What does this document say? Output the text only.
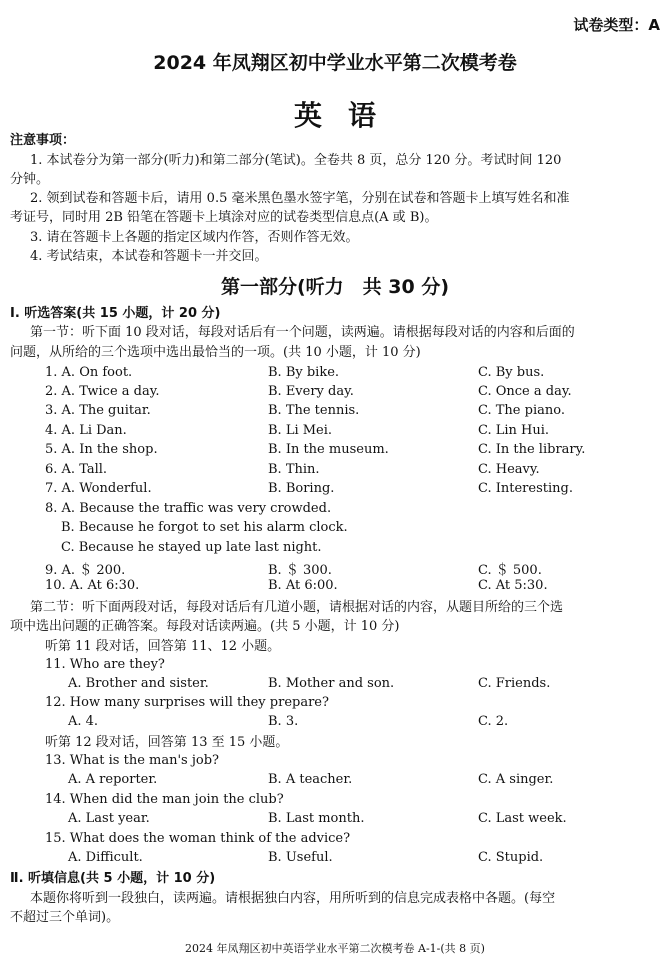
试卷类型：A
2024 年凤翔区初中学业水平第二次模考卷
英语
注意事项：
1. 本试卷分为第一部分(听力)和第二部分(笔试)。全卷共 8 页，总分 120 分。考试时间 120
分钟。
2. 领到试卷和答题卡后，请用 0.5 毫米黑色墨水签字笔，分别在试卷和答题卡上填写姓名和准
考证号，同时用 2B 铅笔在答题卡上填涂对应的试卷类型信息点(A 或 B)。
3. 请在答题卡上各题的指定区域内作答，否则作答无效。
4. 考试结束，本试卷和答题卡一并交回。
第一部分(听力　共 30 分)
Ⅰ. 听选答案(共 15 小题，计 20 分)
第一节：听下面 10 段对话，每段对话后有一个问题，读两遍。请根据每段对话的内容和后面的
问题，从所给的三个选项中选出最恰当的一项。(共 10 小题，计 10 分)
1. A. On foot.	B. By bike.	C. By bus.
2. A. Twice a day.	B. Every day.	C. Once a day.
3. A. The guitar.	B. The tennis.	C. The piano.
4. A. Li Dan.	B. Li Mei.	C. Lin Hui.
5. A. In the shop.	B. In the museum.	C. In the library.
6. A. Tall.	B. Thin.	C. Heavy.
7. A. Wonderful.	B. Boring.	C. Interesting.
8. A. Because the traffic was very crowded.
B. Because he forgot to set his alarm clock.
C. Because he stayed up late last night.
9. A. ＄ 200.	B. ＄ 300.	C. ＄ 500.
10. A. At 6:30.	B. At 6:00.	C. At 5:30.
第二节：听下面两段对话，每段对话后有几道小题，请根据对话的内容，从题目所给的三个选
项中选出问题的正确答案。每段对话读两遍。(共 5 小题，计 10 分)
听第 11 段对话，回答第 11、12 小题。
11. Who are they?
A. Brother and sister.	B. Mother and son.	C. Friends.
12. How many surprises will they prepare?
A. 4.	B. 3.	C. 2.
听第 12 段对话，回答第 13 至 15 小题。
13. What is the man's job?
A. A reporter.	B. A teacher.	C. A singer.
14. When did the man join the club?
A. Last year.	B. Last month.	C. Last week.
15. What does the woman think of the advice?
A. Difficult.	B. Useful.	C. Stupid.
Ⅱ. 听填信息(共 5 小题，计 10 分)
本题你将听到一段独白，读两遍。请根据独白内容，用所听到的信息完成表格中各题。(每空
不超过三个单词)。
2024 年凤翔区初中英语学业水平第二次模考卷 A-1-(共 8 页)
